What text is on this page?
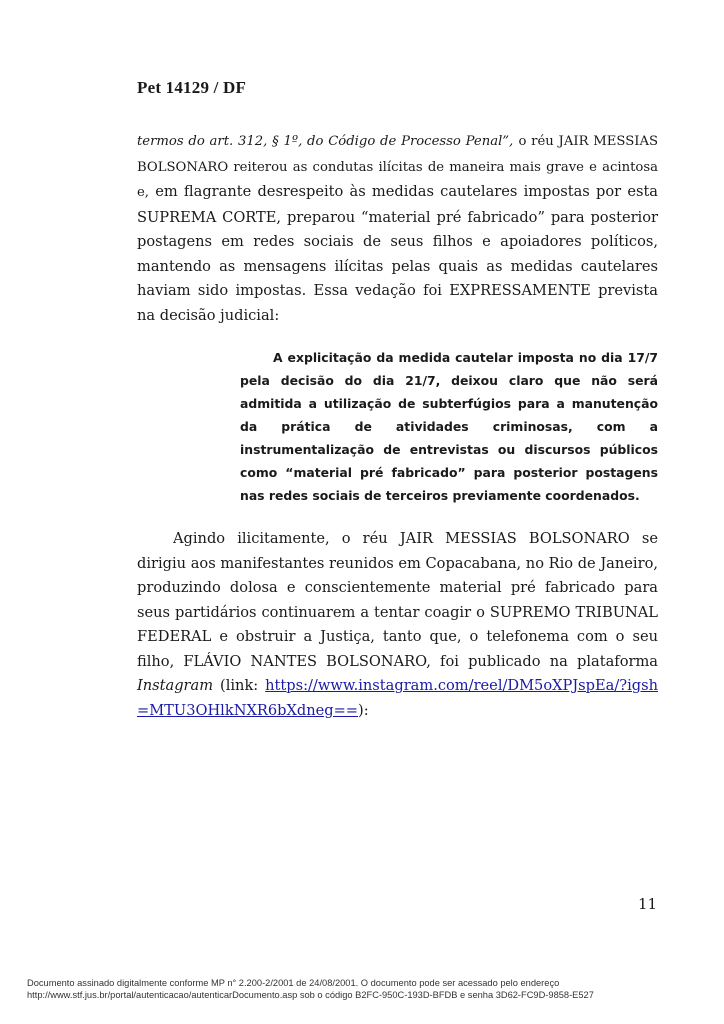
Pet 14129 / DF

termos do art. 312, § 1º, do Código de Processo Penal”, o réu JAIR MESSIAS BOLSONARO reiterou as condutas ilícitas de maneira mais grave e acintosa e, em flagrante desrespeito às medidas cautelares impostas por esta SUPREMA CORTE, preparou “material pré fabricado” para posterior postagens em redes sociais de seus filhos e apoiadores políticos, mantendo as mensagens ilícitas pelas quais as medidas cautelares haviam sido impostas. Essa vedação foi EXPRESSAMENTE prevista na decisão judicial:

A explicitação da medida cautelar imposta no dia 17/7 pela decisão do dia 21/7, deixou claro que não será admitida a utilização de subterfúgios para a manutenção da prática de atividades criminosas, com a instrumentalização de entrevistas ou discursos públicos como “material pré fabricado” para posterior postagens nas redes sociais de terceiros previamente coordenados.

Agindo ilicitamente, o réu JAIR MESSIAS BOLSONARO se dirigiu aos manifestantes reunidos em Copacabana, no Rio de Janeiro, produzindo dolosa e conscientemente material pré fabricado para seus partidários continuarem a tentar coagir o SUPREMO TRIBUNAL FEDERAL e obstruir a Justiça, tanto que, o telefonema com o seu filho, FLÁVIO NANTES BOLSONARO, foi publicado na plataforma Instagram (link: https://www.instagram.com/reel/DM5oXPJspEa/?igsh=MTU3OHlkNXR6bXdneg==):

11
Documento assinado digitalmente conforme MP n° 2.200-2/2001 de 24/08/2001. O documento pode ser acessado pelo endereço
http://www.stf.jus.br/portal/autenticacao/autenticarDocumento.asp sob o código B2FC-950C-193D-BFDB e senha 3D62-FC9D-9858-E527
